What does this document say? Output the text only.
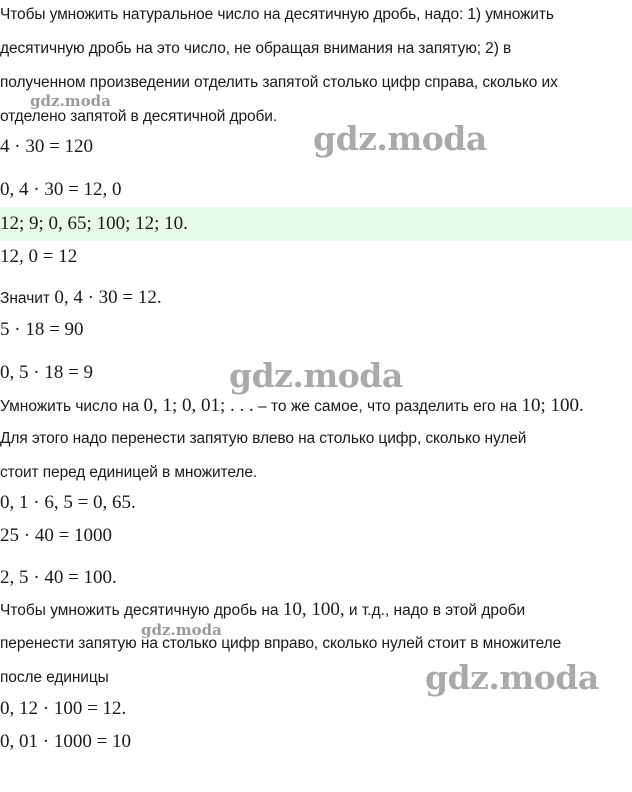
Чтобы умножить натуральное число на десятичную дробь, надо: 1) умножить
десятичную дробь на это число, не обращая внимания на запятую; 2) в
полученном произведении отделить запятой столько цифр справа, сколько их
отделено запятой в десятичной дроби.
4 · 30 = 120
0, 4 · 30 = 12, 0
12; 9; 0, 65; 100; 12; 10.
12, 0 = 12
Значит 0, 4 · 30 = 12.
5 · 18 = 90
0, 5 · 18 = 9
Умножить число на 0, 1; 0, 01; . . . – то же самое, что разделить его на 10; 100.
Для этого надо перенести запятую влево на столько цифр, сколько нулей
стоит перед единицей в множителе.
0, 1 · 6, 5 = 0, 65.
25 · 40 = 1000
2, 5 · 40 = 100.
Чтобы умножить десятичную дробь на 10, 100, и т.д., надо в этой дроби
перенести запятую на столько цифр вправо, сколько нулей стоит в множителе
после единицы
0, 12 · 100 = 12.
0, 01 · 1000 = 10
gdz.moda
gdz.moda
gdz.moda
gdz.moda
gdz.moda
